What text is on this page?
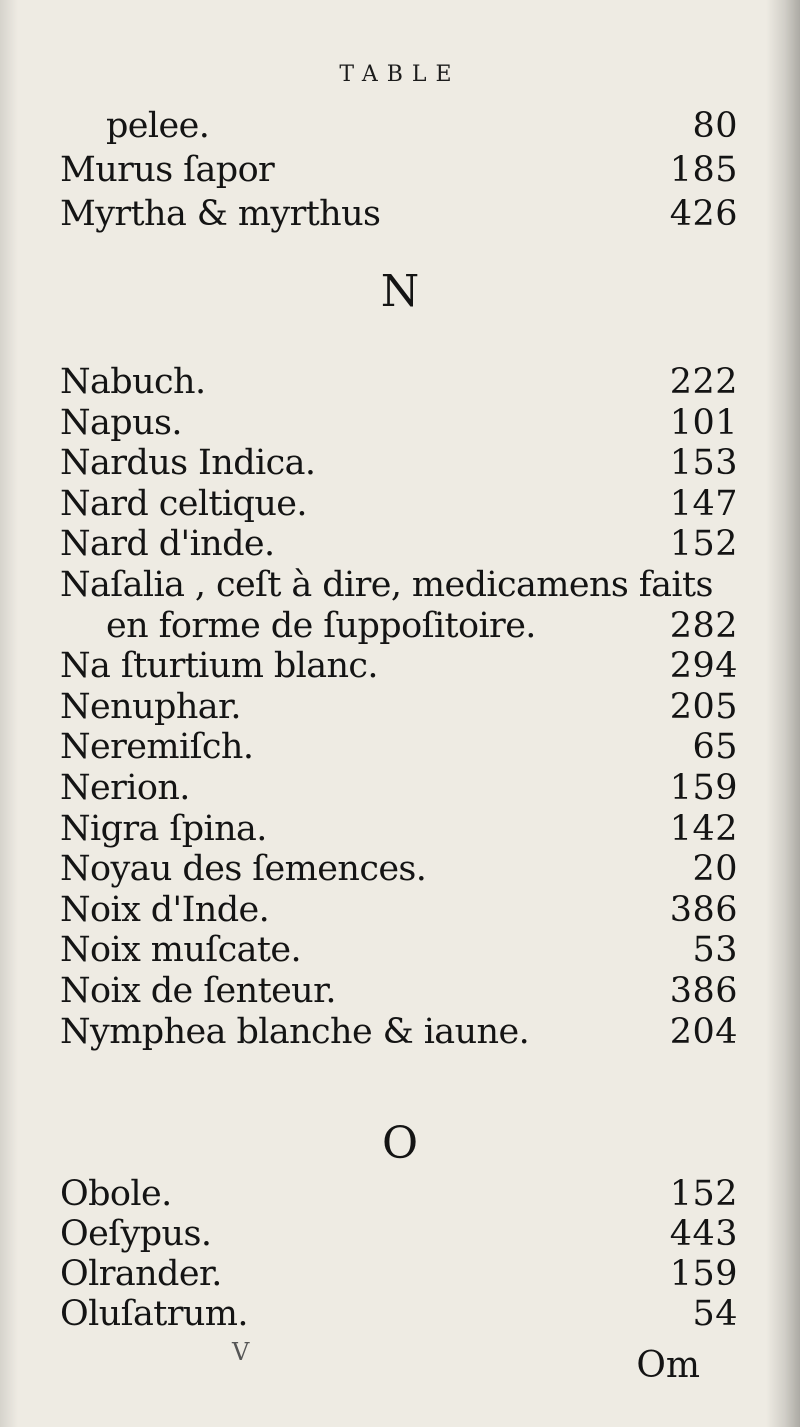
TABLE
pelee.	80
Murus ſapor	185
Myrtha & myrthus	426
N
Nabuch.	222
Napus.	101
Nardus Indica.	153
Nard celtique.	147
Nard d'inde.	152
Naſalia , ceſt à dire, medicamens faits
en forme de ſuppoſitoire.	282
Na ſturtium blanc.	294
Nenuphar.	205
Neremiſch.	65
Nerion.	159
Nigra ſpina.	142
Noyau des ſemences.	20
Noix d'Inde.	386
Noix muſcate.	53
Noix de ſenteur.	386
Nymphea blanche & iaune.	204
O
Obole.	152
Oeſypus.	443
Olrander.	159
Oluſatrum.	54
V	Om
